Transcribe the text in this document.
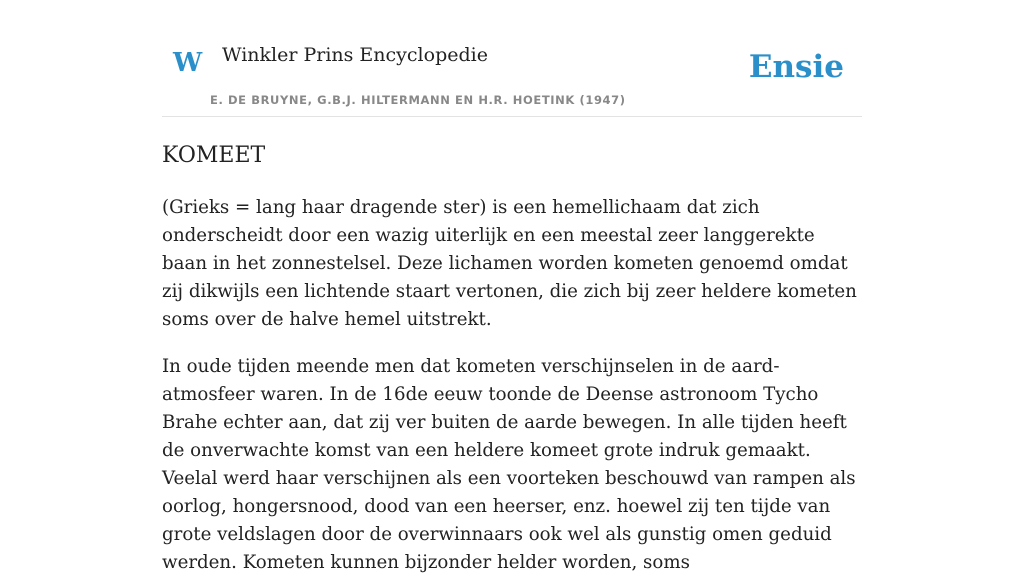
W Winkler Prins Encyclopedie
E. DE BRUYNE, G.B.J. HILTERMANN EN H.R. HOETINK (1947)
Ensie
KOMEET

(Grieks = lang haar dragende ster) is een hemellichaam dat zich onderscheidt door een wazig uiterlijk en een meestal zeer langgerekte baan in het zonnestelsel. Deze lichamen worden kometen genoemd omdat zij dikwijls een lichtende staart vertonen, die zich bij zeer heldere kometen soms over de halve hemel uitstrekt.

In oude tijden meende men dat kometen verschijnselen in de aard-atmosfeer waren. In de 16de eeuw toonde de Deense astronoom Tycho Brahe echter aan, dat zij ver buiten de aarde bewegen. In alle tijden heeft de onverwachte komst van een heldere komeet grote indruk gemaakt. Veelal werd haar verschijnen als een voorteken beschouwd van rampen als oorlog, hongersnood, dood van een heerser, enz. hoewel zij ten tijde van grote veldslagen door de overwinnaars ook wel als gunstig omen geduid werden. Kometen kunnen bijzonder helder worden, soms
